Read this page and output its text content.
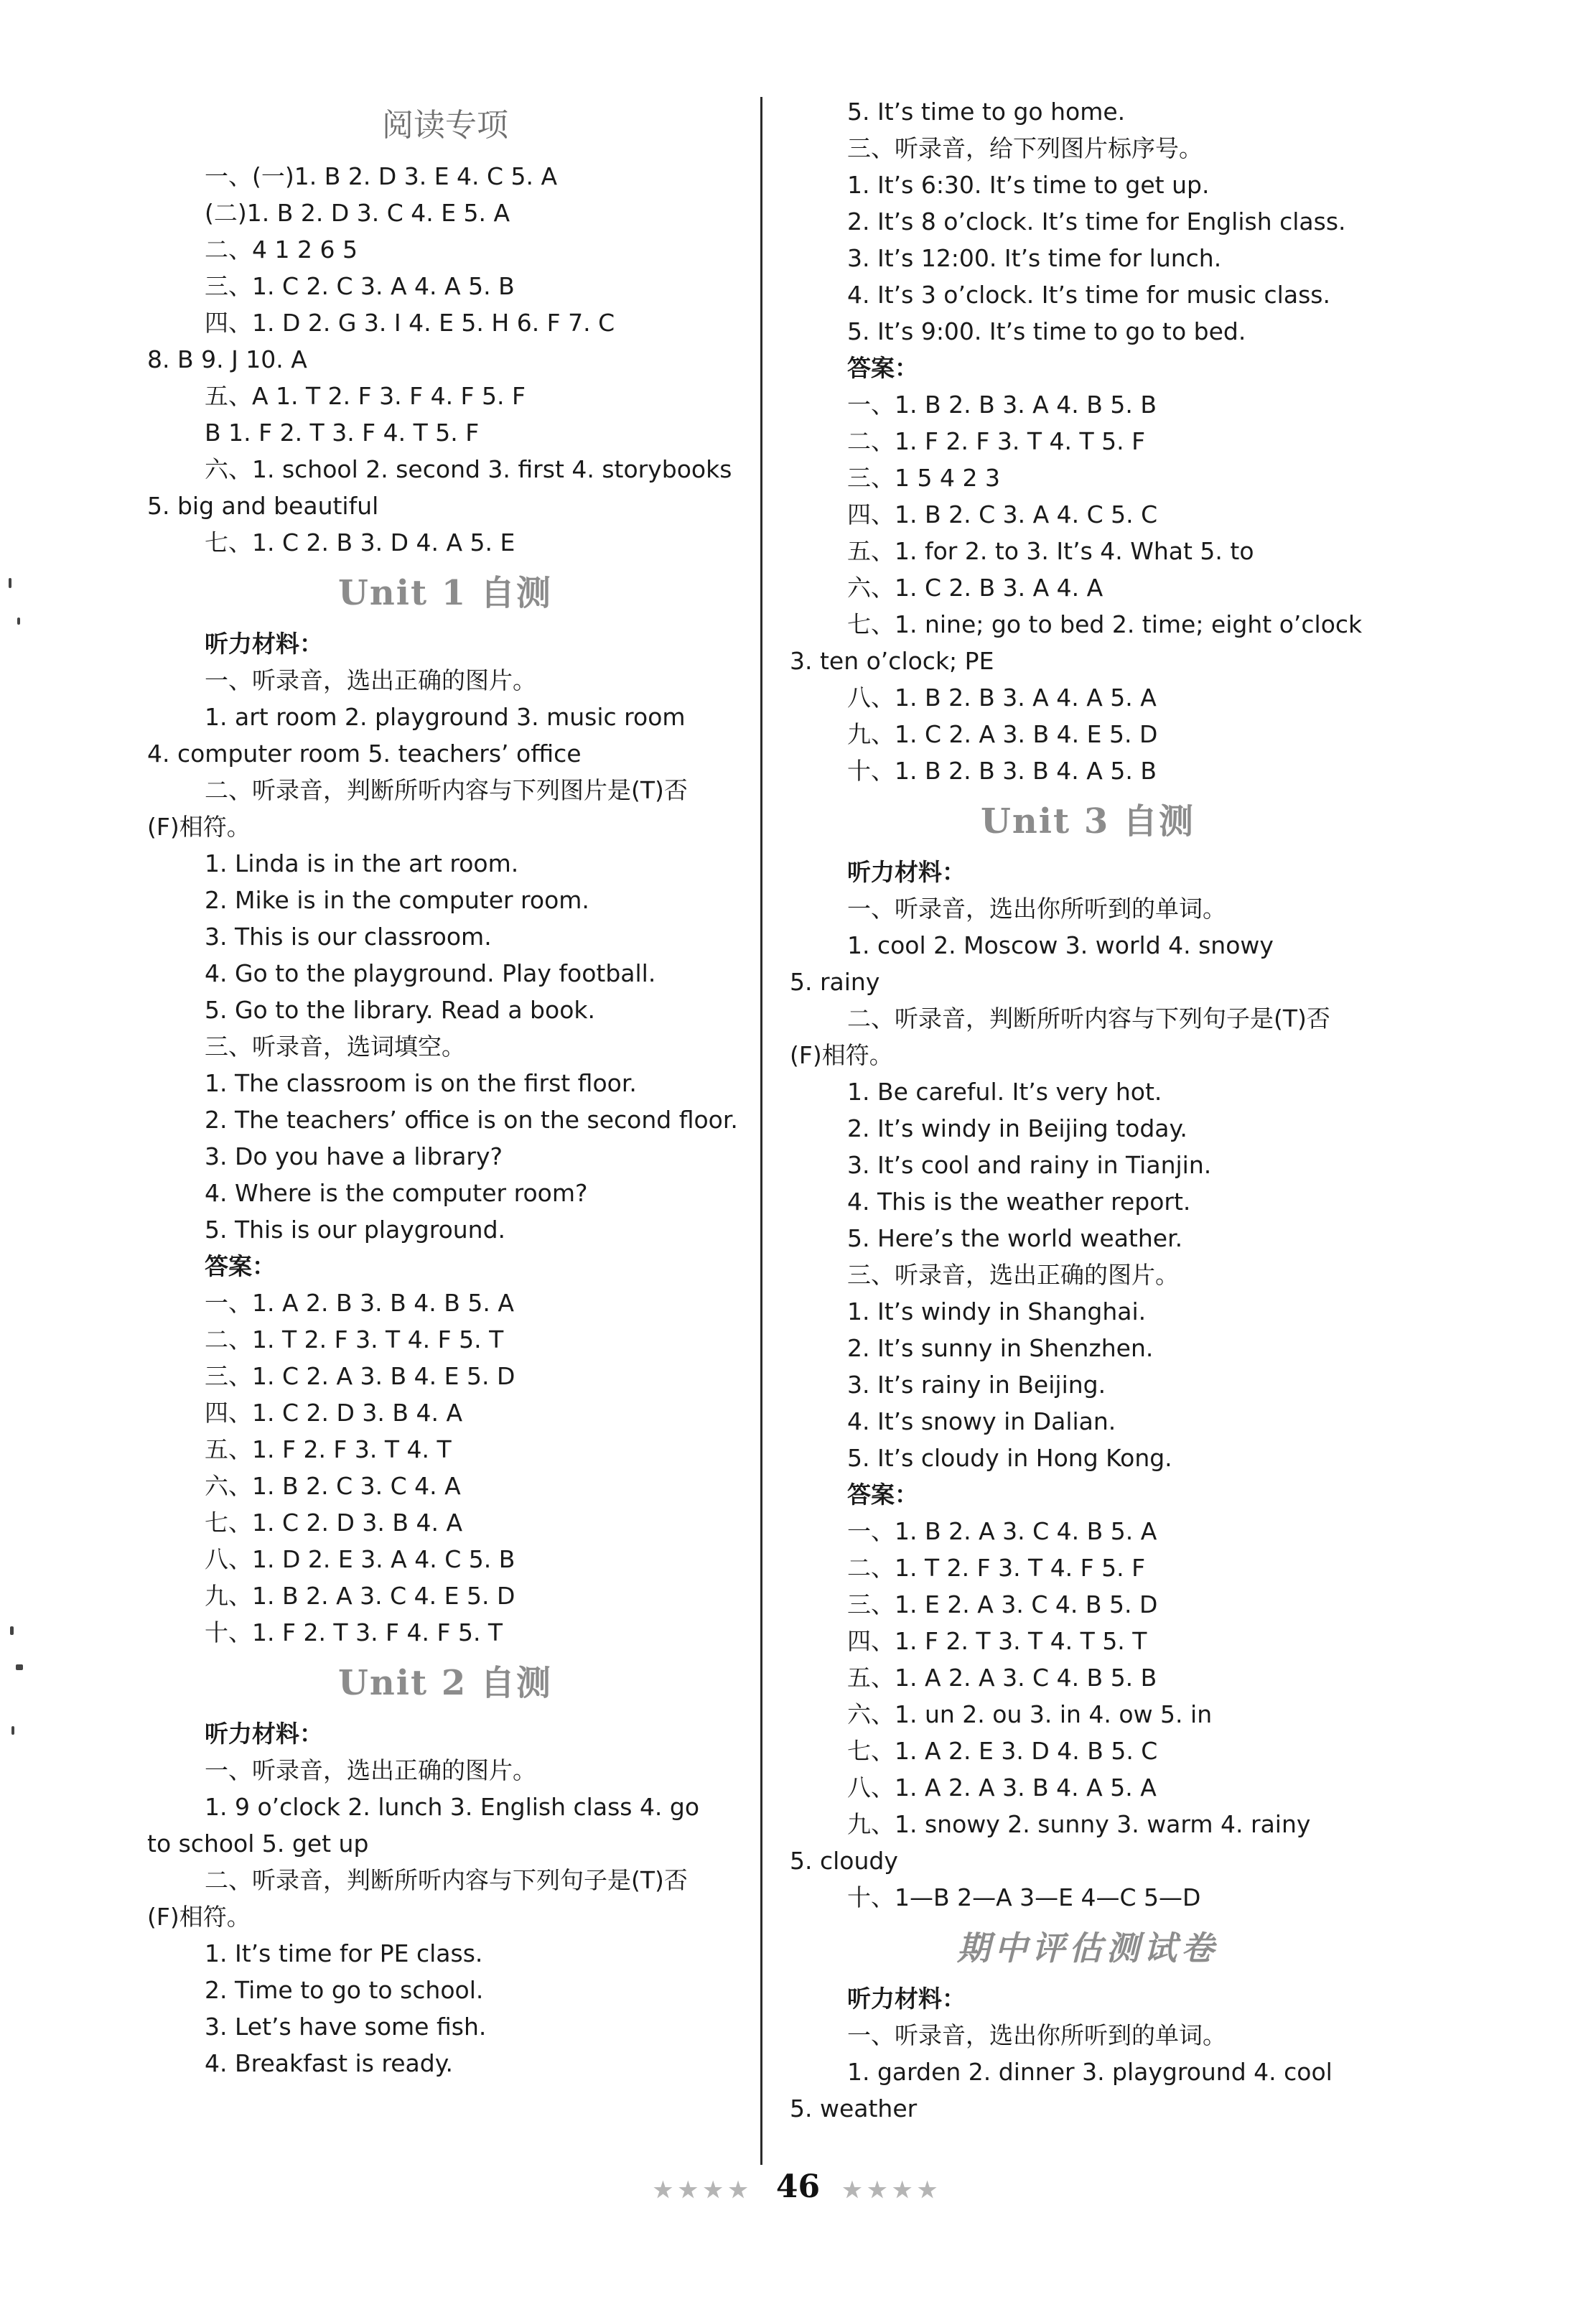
阅读专项
一、(一)1. B 2. D 3. E 4. C 5. A
(二)1. B 2. D 3. C 4. E 5. A
二、4 1 2 6 5
三、1. C 2. C 3. A 4. A 5. B
四、1. D 2. G 3. I 4. E 5. H 6. F 7. C
8. B 9. J 10. A
五、A 1. T 2. F 3. F 4. F 5. F
B 1. F 2. T 3. F 4. T 5. F
六、1. school 2. second 3. first 4. storybooks
5. big and beautiful
七、1. C 2. B 3. D 4. A 5. E
Unit 1 自测
听力材料：
一、听录音，选出正确的图片。
1. art room 2. playground 3. music room
4. computer room 5. teachers’ office
二、听录音，判断所听内容与下列图片是(T)否
(F)相符。
1. Linda is in the art room.
2. Mike is in the computer room.
3. This is our classroom.
4. Go to the playground. Play football.
5. Go to the library. Read a book.
三、听录音，选词填空。
1. The classroom is on the first floor.
2. The teachers’ office is on the second floor.
3. Do you have a library?
4. Where is the computer room?
5. This is our playground.
答案：
一、1. A 2. B 3. B 4. B 5. A
二、1. T 2. F 3. T 4. F 5. T
三、1. C 2. A 3. B 4. E 5. D
四、1. C 2. D 3. B 4. A
五、1. F 2. F 3. T 4. T
六、1. B 2. C 3. C 4. A
七、1. C 2. D 3. B 4. A
八、1. D 2. E 3. A 4. C 5. B
九、1. B 2. A 3. C 4. E 5. D
十、1. F 2. T 3. F 4. F 5. T
Unit 2 自测
听力材料：
一、听录音，选出正确的图片。
1. 9 o’clock 2. lunch 3. English class 4. go
to school 5. get up
二、听录音，判断所听内容与下列句子是(T)否
(F)相符。
1. It’s time for PE class.
2. Time to go to school.
3. Let’s have some fish.
4. Breakfast is ready.
5. It’s time to go home.
三、听录音，给下列图片标序号。
1. It’s 6:30. It’s time to get up.
2. It’s 8 o’clock. It’s time for English class.
3. It’s 12:00. It’s time for lunch.
4. It’s 3 o’clock. It’s time for music class.
5. It’s 9:00. It’s time to go to bed.
答案：
一、1. B 2. B 3. A 4. B 5. B
二、1. F 2. F 3. T 4. T 5. F
三、1 5 4 2 3
四、1. B 2. C 3. A 4. C 5. C
五、1. for 2. to 3. It’s 4. What 5. to
六、1. C 2. B 3. A 4. A
七、1. nine; go to bed 2. time; eight o’clock
3. ten o’clock; PE
八、1. B 2. B 3. A 4. A 5. A
九、1. C 2. A 3. B 4. E 5. D
十、1. B 2. B 3. B 4. A 5. B
Unit 3 自测
听力材料：
一、听录音，选出你所听到的单词。
1. cool 2. Moscow 3. world 4. snowy
5. rainy
二、听录音，判断所听内容与下列句子是(T)否
(F)相符。
1. Be careful. It’s very hot.
2. It’s windy in Beijing today.
3. It’s cool and rainy in Tianjin.
4. This is the weather report.
5. Here’s the world weather.
三、听录音，选出正确的图片。
1. It’s windy in Shanghai.
2. It’s sunny in Shenzhen.
3. It’s rainy in Beijing.
4. It’s snowy in Dalian.
5. It’s cloudy in Hong Kong.
答案：
一、1. B 2. A 3. C 4. B 5. A
二、1. T 2. F 3. T 4. F 5. F
三、1. E 2. A 3. C 4. B 5. D
四、1. F 2. T 3. T 4. T 5. T
五、1. A 2. A 3. C 4. B 5. B
六、1. un 2. ou 3. in 4. ow 5. in
七、1. A 2. E 3. D 4. B 5. C
八、1. A 2. A 3. B 4. A 5. A
九、1. snowy 2. sunny 3. warm 4. rainy
5. cloudy
十、1—B 2—A 3—E 4—C 5—D
期中评估测试卷
听力材料：
一、听录音，选出你所听到的单词。
1. garden 2. dinner 3. playground 4. cool
5. weather
★★★★ 46 ★★★★
